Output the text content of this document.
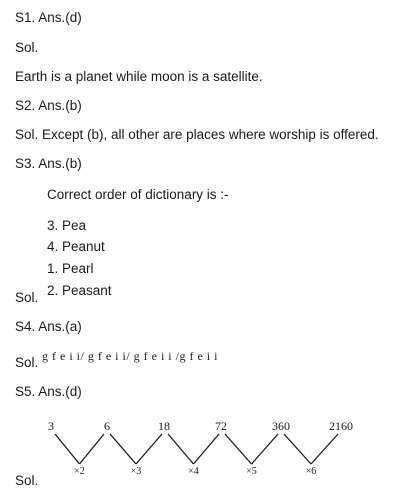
S1. Ans.(d)
Sol.
Earth is a planet while moon is a satellite.
S2. Ans.(b)
Sol. Except (b), all other are places where worship is offered.
S3. Ans.(b)
Correct order of dictionary is :-
3. Pea
4. Peanut
1. Pearl
2. Peasant
Sol.
S4. Ans.(a)
Sol. g f e i i/ g f e i i/ g f e i i /g f e i i
S5. Ans.(d)
3	6	18	72	360	2160
×2	×3	×4	×5	×6
Sol.
